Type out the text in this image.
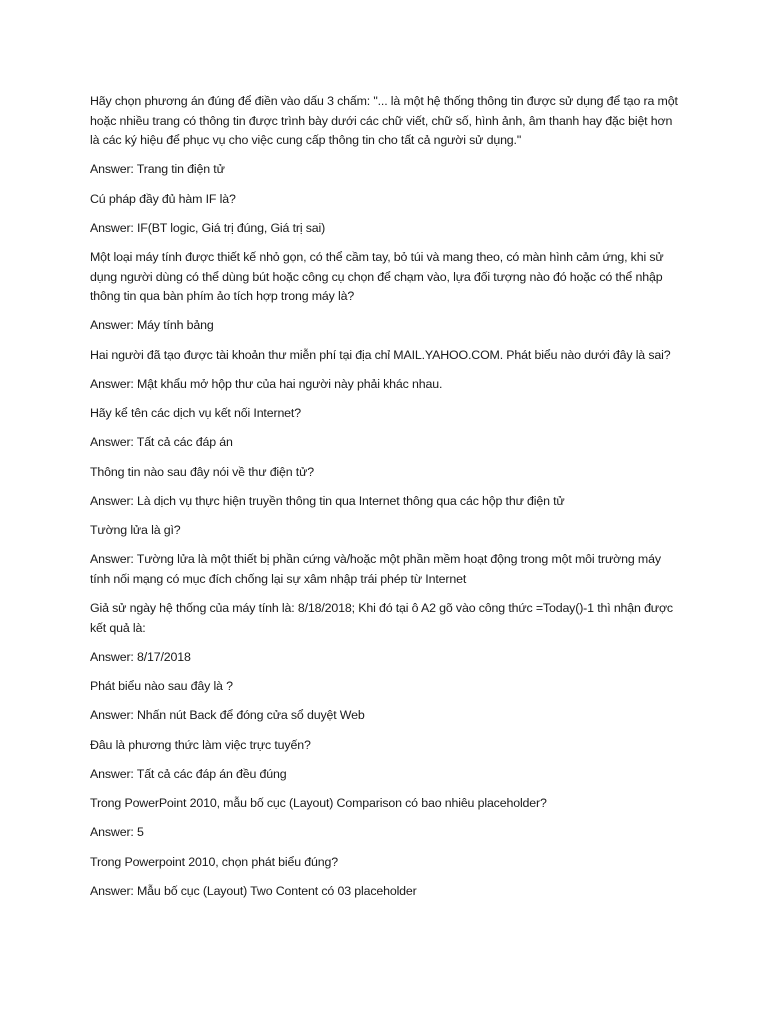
Hãy chọn phương án đúng để điền vào dấu 3 chấm: "... là một hệ thống thông tin được sử dụng để tạo ra một hoặc nhiều trang có thông tin được trình bày dưới các chữ viết, chữ số, hình ảnh, âm thanh hay đặc biệt hơn là các ký hiệu để phục vụ cho việc cung cấp thông tin cho tất cả người sử dụng."

Answer: Trang tin điện tử

Cú pháp đầy đủ hàm IF là?

Answer: IF(BT logic, Giá trị đúng, Giá trị sai)

Một loại máy tính được thiết kế nhỏ gọn, có thể cầm tay, bỏ túi và mang theo, có màn hình cảm ứng, khi sử dụng người dùng có thể dùng bút hoặc công cụ chọn để chạm vào, lựa đối tượng nào đó hoặc có thể nhập thông tin qua bàn phím ảo tích hợp trong máy là?

Answer: Máy tính bảng

Hai người đã tạo được tài khoản thư miễn phí tại địa chỉ MAIL.YAHOO.COM. Phát biểu nào dưới đây là sai?

Answer: Mật khẩu mở hộp thư của hai người này phải khác nhau.

Hãy kể tên các dịch vụ kết nối Internet?

Answer: Tất cả các đáp án

Thông tin nào sau đây nói về thư điện tử?

Answer: Là dịch vụ thực hiện truyền thông tin qua Internet thông qua các hộp thư điện tử

Tường lửa là gì?

Answer: Tường lửa là một thiết bị phần cứng và/hoặc một phần mềm hoạt động trong một môi trường máy tính nối mạng có mục đích chống lại sự xâm nhập trái phép từ Internet

Giả sử ngày hệ thống của máy tính là: 8/18/2018; Khi đó tại ô A2 gõ vào công thức =Today()-1 thì nhận được kết quả là:

Answer: 8/17/2018

Phát biểu nào sau đây là ?

Answer: Nhấn nút Back để đóng cửa sổ duyệt Web

Đâu là phương thức làm việc trực tuyến?

Answer: Tất cả các đáp án đều đúng

Trong PowerPoint 2010, mẫu bố cục (Layout) Comparison có bao nhiêu placeholder?

Answer: 5

Trong Powerpoint 2010, chọn phát biểu đúng?

Answer: Mẫu bố cục (Layout) Two Content có 03 placeholder
